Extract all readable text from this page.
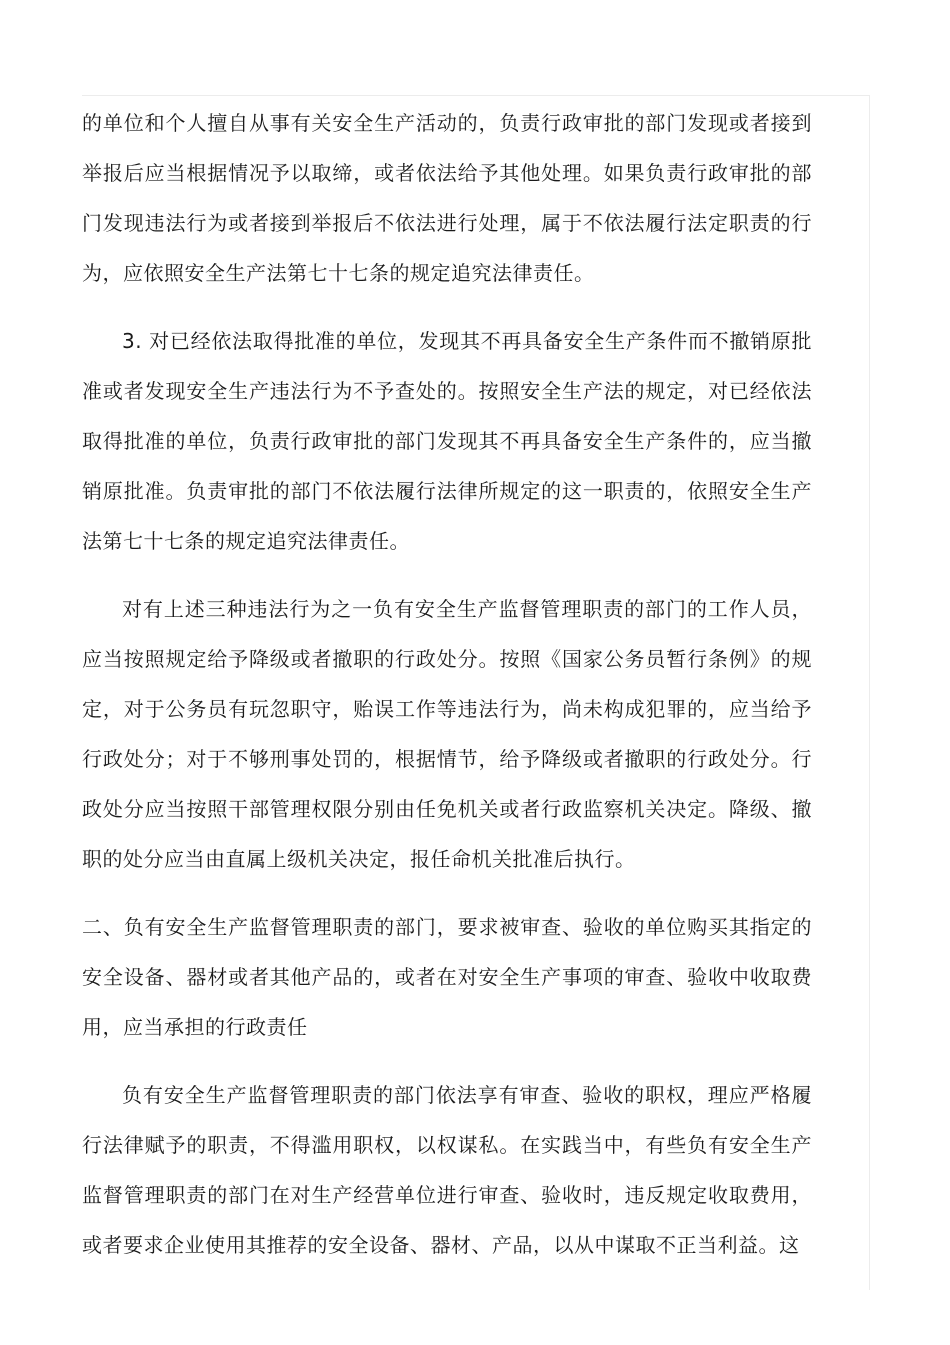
的单位和个人擅自从事有关安全生产活动的，负责行政审批的部门发现或者接到举报后应当根据情况予以取缔，或者依法给予其他处理。如果负责行政审批的部门发现违法行为或者接到举报后不依法进行处理，属于不依法履行法定职责的行为，应依照安全生产法第七十七条的规定追究法律责任。

3. 对已经依法取得批准的单位，发现其不再具备安全生产条件而不撤销原批准或者发现安全生产违法行为不予查处的。按照安全生产法的规定，对已经依法取得批准的单位，负责行政审批的部门发现其不再具备安全生产条件的，应当撤销原批准。负责审批的部门不依法履行法律所规定的这一职责的，依照安全生产法第七十七条的规定追究法律责任。

对有上述三种违法行为之一负有安全生产监督管理职责的部门的工作人员，应当按照规定给予降级或者撤职的行政处分。按照《国家公务员暂行条例》的规定，对于公务员有玩忽职守，贻误工作等违法行为，尚未构成犯罪的，应当给予行政处分；对于不够刑事处罚的，根据情节，给予降级或者撤职的行政处分。行政处分应当按照干部管理权限分别由任免机关或者行政监察机关决定。降级、撤职的处分应当由直属上级机关决定，报任命机关批准后执行。

二、负有安全生产监督管理职责的部门，要求被审查、验收的单位购买其指定的安全设备、器材或者其他产品的，或者在对安全生产事项的审查、验收中收取费用，应当承担的行政责任

负有安全生产监督管理职责的部门依法享有审查、验收的职权，理应严格履行法律赋予的职责，不得滥用职权，以权谋私。在实践当中，有些负有安全生产监督管理职责的部门在对生产经营单位进行审查、验收时，违反规定收取费用，或者要求企业使用其推荐的安全设备、器材、产品，以从中谋取不正当利益。这
